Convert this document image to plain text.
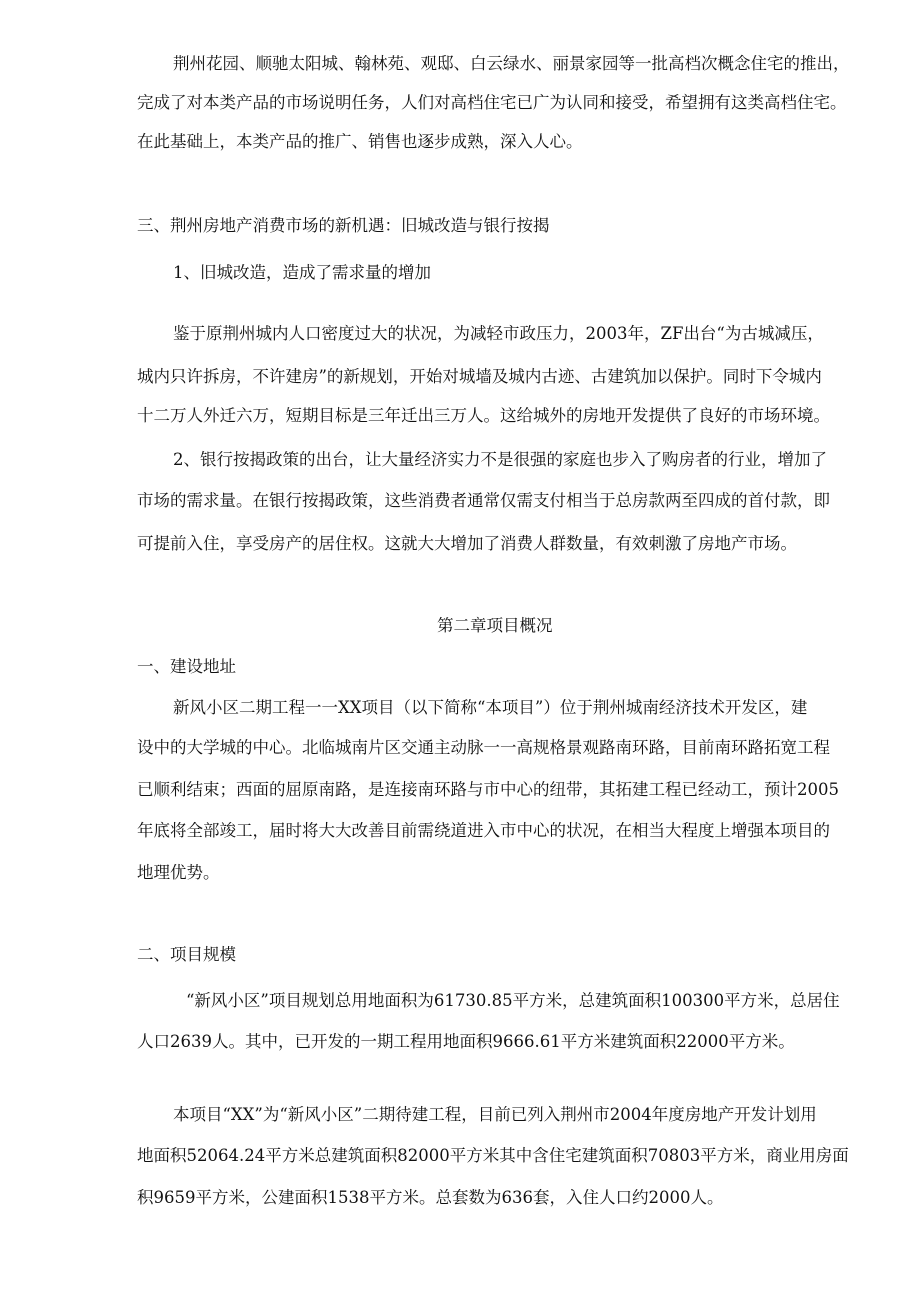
荆州花园、顺驰太阳城、翰林苑、观邸、白云绿水、丽景家园等一批高档次概念住宅的推出，
完成了对本类产品的市场说明任务，人们对高档住宅已广为认同和接受，希望拥有这类高档住宅。
在此基础上，本类产品的推广、销售也逐步成熟，深入人心。
三、荆州房地产消费市场的新机遇：旧城改造与银行按揭
1、旧城改造，造成了需求量的增加
鉴于原荆州城内人口密度过大的状况，为减轻市政压力，2003年，ZF出台“为古城减压，
城内只许拆房，不许建房”的新规划，开始对城墙及城内古迹、古建筑加以保护。同时下令城内
十二万人外迁六万，短期目标是三年迁出三万人。这给城外的房地开发提供了良好的市场环境。
2、银行按揭政策的出台，让大量经济实力不是很强的家庭也步入了购房者的行业，增加了
市场的需求量。在银行按揭政策，这些消费者通常仅需支付相当于总房款两至四成的首付款，即
可提前入住，享受房产的居住权。这就大大增加了消费人群数量，有效刺激了房地产市场。
第二章项目概况
一、建设地址
新风小区二期工程一一XX项目（以下简称“本项目”）位于荆州城南经济技术开发区，建
设中的大学城的中心。北临城南片区交通主动脉一一高规格景观路南环路，目前南环路拓宽工程
已顺利结束；西面的屈原南路，是连接南环路与市中心的纽带，其拓建工程已经动工，预计2005
年底将全部竣工，届时将大大改善目前需绕道进入市中心的状况，在相当大程度上增强本项目的
地理优势。
二、项目规模
“新风小区”项目规划总用地面积为61730.85平方米，总建筑面积100300平方米，总居住
人口2639人。其中，已开发的一期工程用地面积9666.61平方米建筑面积22000平方米。
本项目“XX”为“新风小区”二期待建工程，目前已列入荆州市2004年度房地产开发计划用
地面积52064.24平方米总建筑面积82000平方米其中含住宅建筑面积70803平方米，商业用房面
积9659平方米，公建面积1538平方米。总套数为636套，入住人口约2000人。
